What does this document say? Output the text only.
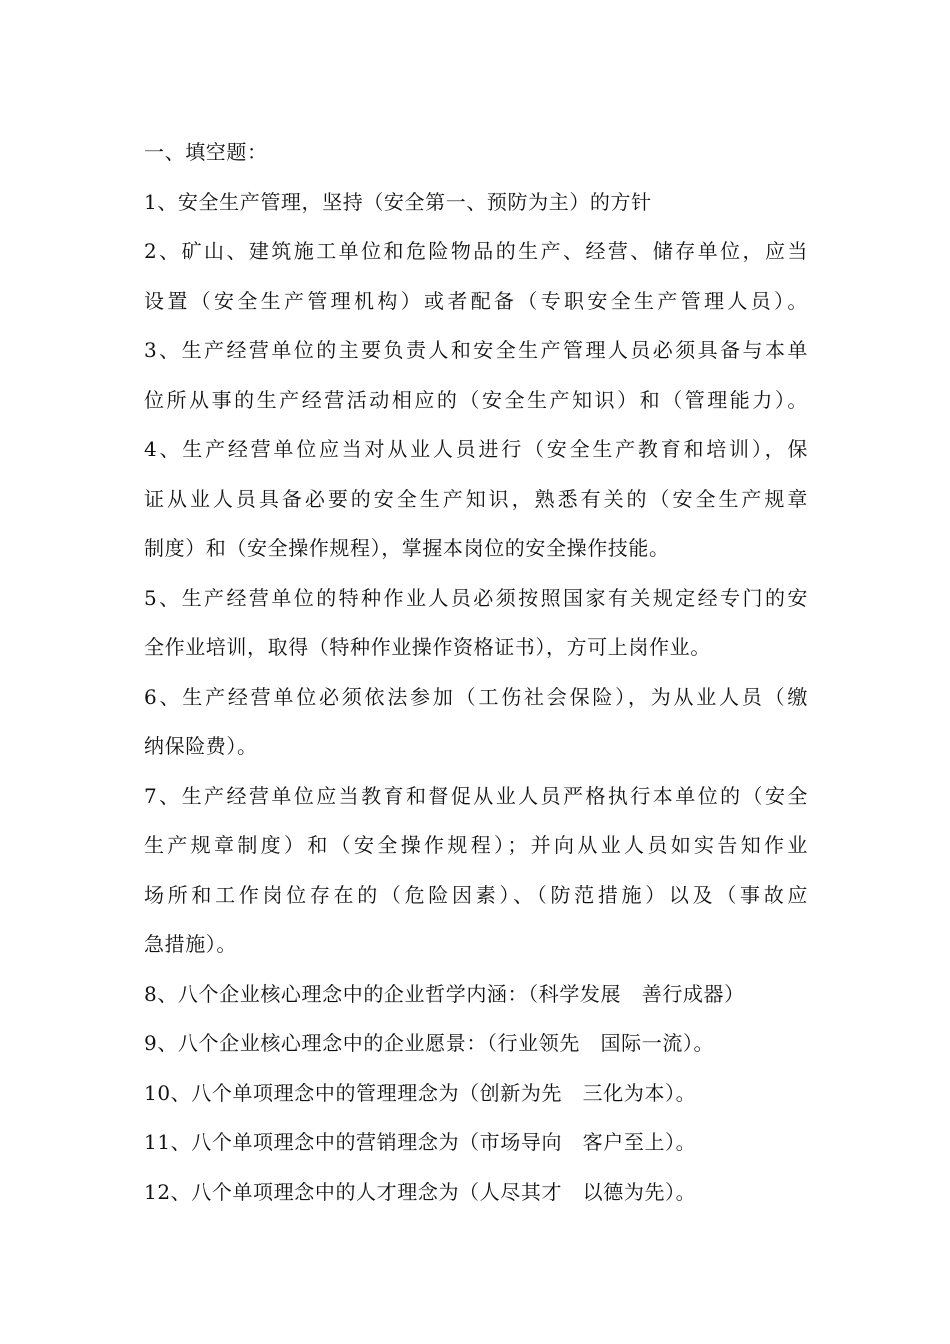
一、填空题：
1、安全生产管理，坚持（安全第一、预防为主）的方针
2、矿山、建筑施工单位和危险物品的生产、经营、储存单位，应当
设置（安全生产管理机构）或者配备（专职安全生产管理人员）。
3、生产经营单位的主要负责人和安全生产管理人员必须具备与本单
位所从事的生产经营活动相应的（安全生产知识）和（管理能力）。
4、生产经营单位应当对从业人员进行（安全生产教育和培训），保
证从业人员具备必要的安全生产知识，熟悉有关的（安全生产规章
制度）和（安全操作规程），掌握本岗位的安全操作技能。
5、生产经营单位的特种作业人员必须按照国家有关规定经专门的安
全作业培训，取得（特种作业操作资格证书），方可上岗作业。
6、生产经营单位必须依法参加（工伤社会保险），为从业人员（缴
纳保险费）。
7、生产经营单位应当教育和督促从业人员严格执行本单位的（安全
生产规章制度）和（安全操作规程）；并向从业人员如实告知作业
场所和工作岗位存在的（危险因素）、（防范措施）以及（事故应
急措施）。
8、八个企业核心理念中的企业哲学内涵：（科学发展　善行成器）
9、八个企业核心理念中的企业愿景：（行业领先　国际一流）。
10、八个单项理念中的管理理念为（创新为先　三化为本）。
11、八个单项理念中的营销理念为（市场导向　客户至上）。
12、八个单项理念中的人才理念为（人尽其才　以德为先）。
